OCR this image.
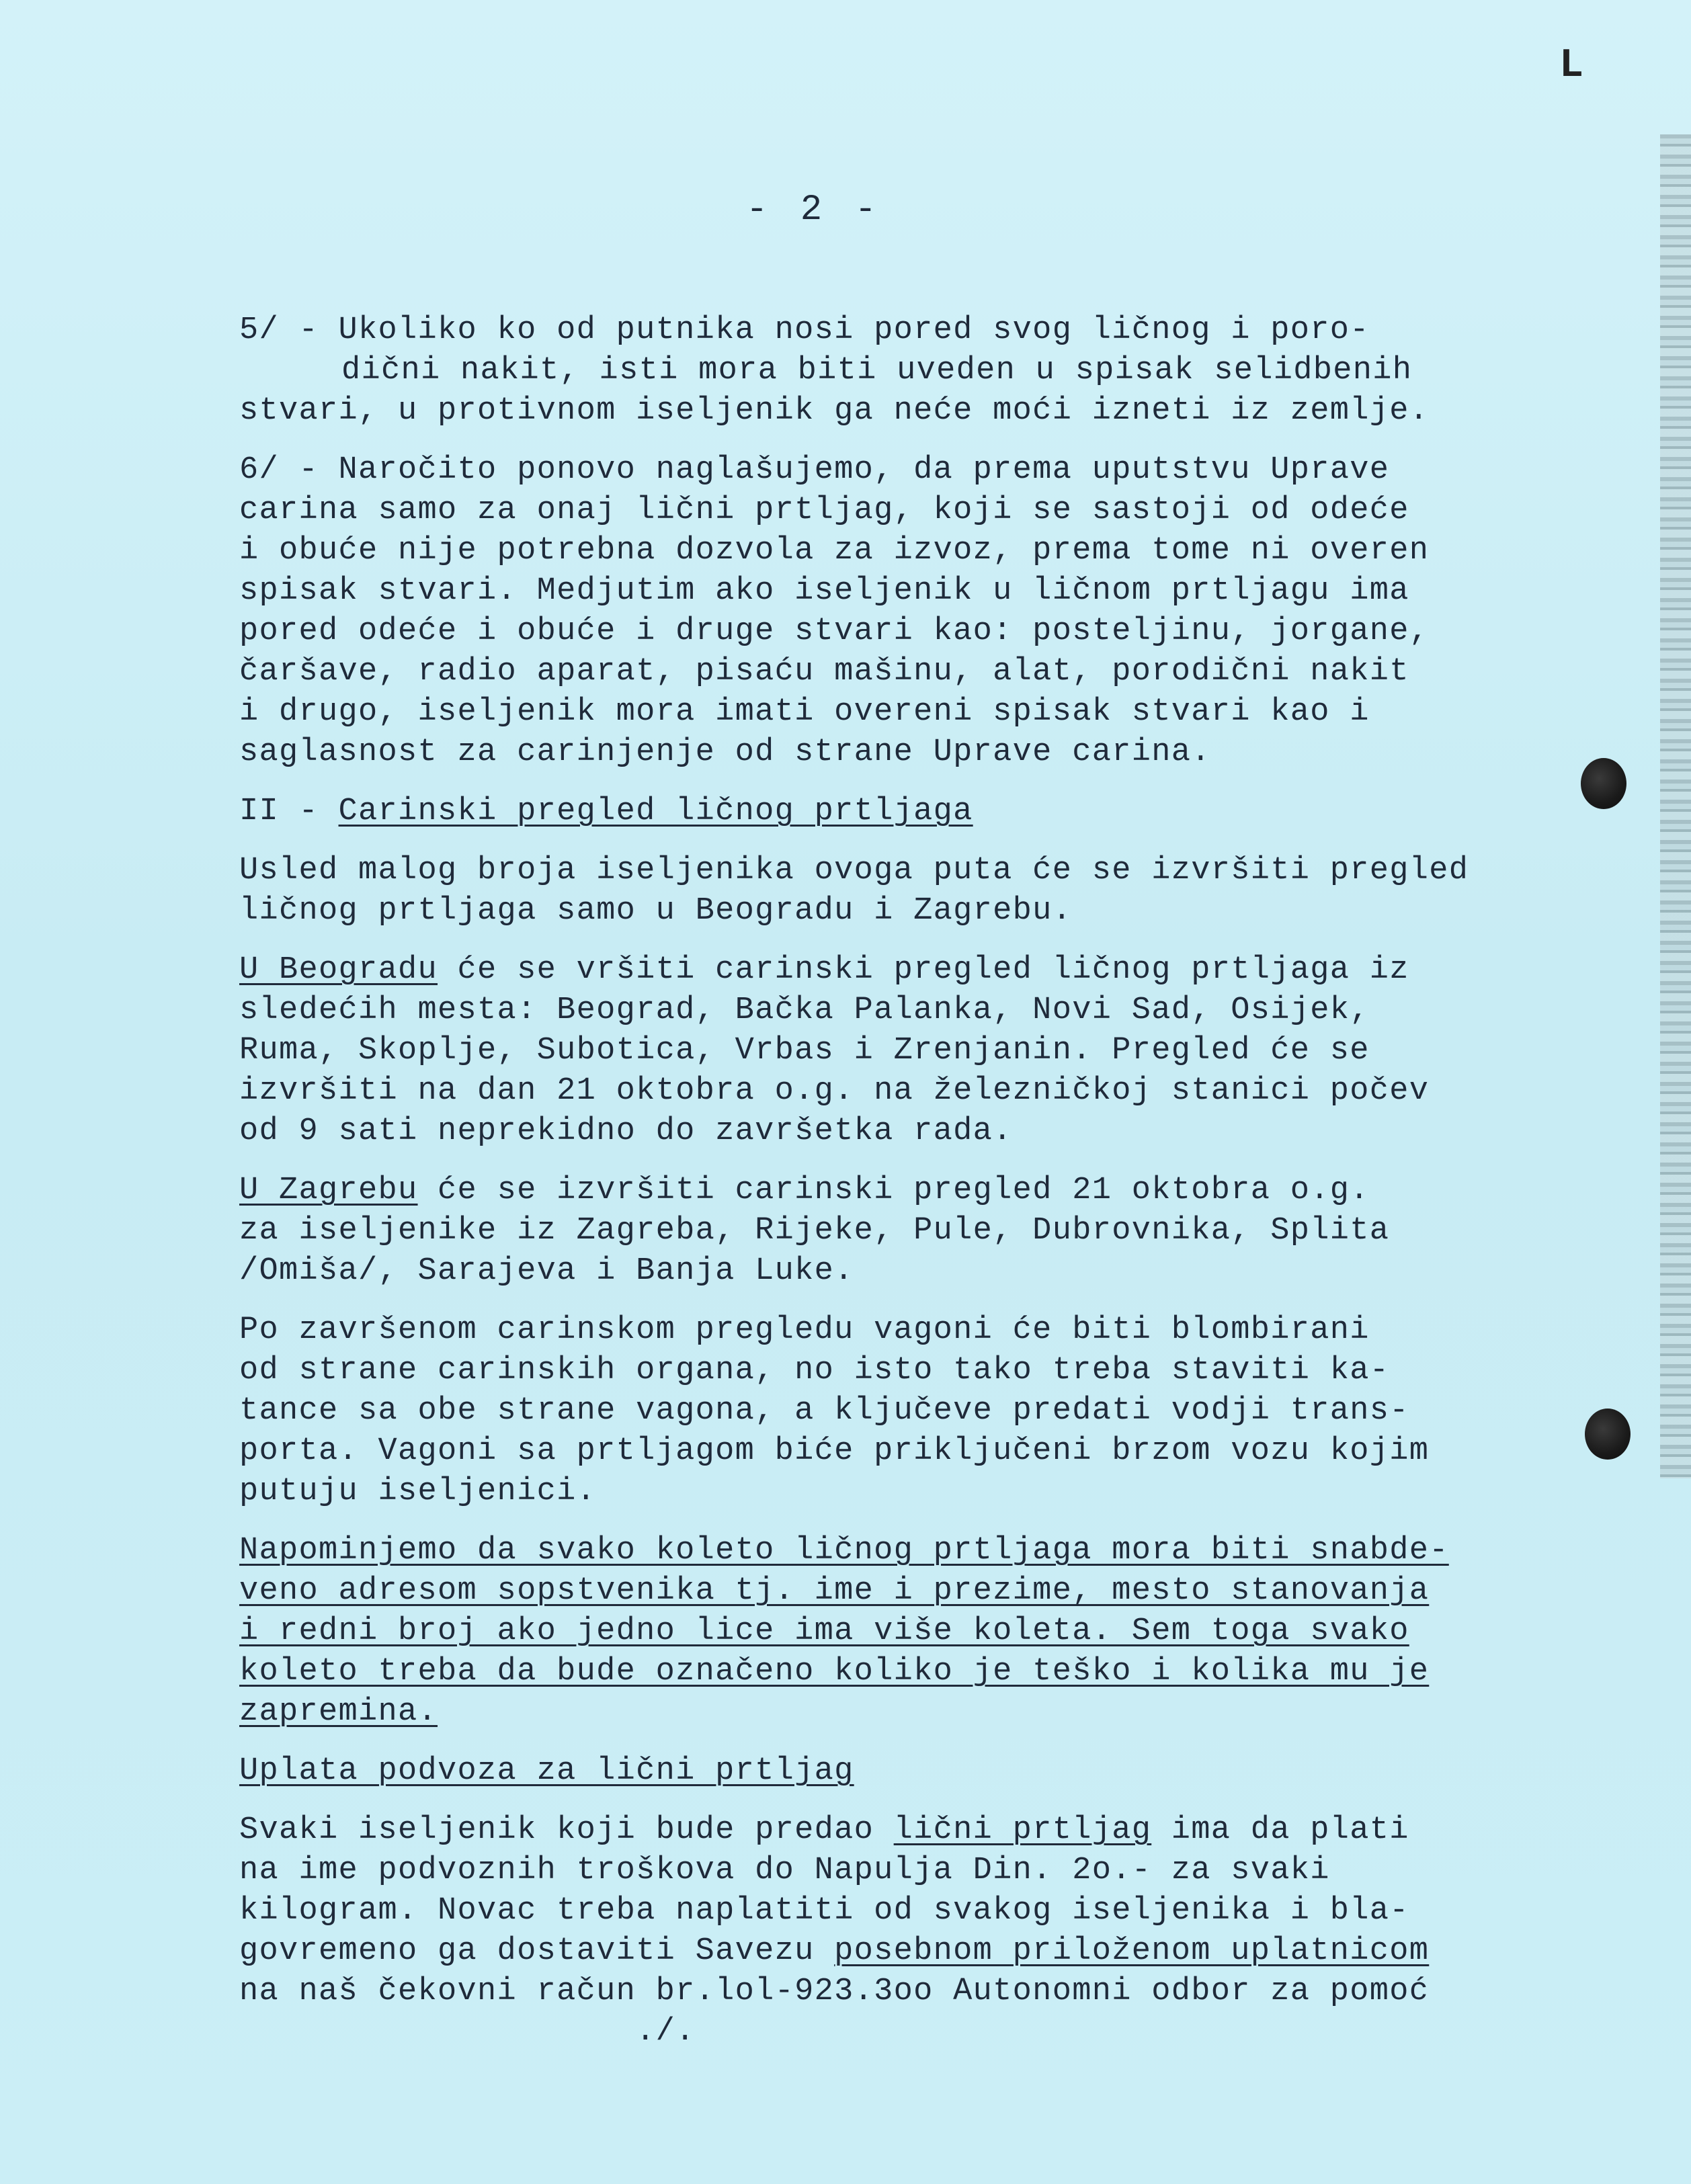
L
- 2 -

5/ - Ukoliko ko od putnika nosi pored svog ličnog i poro-

dični nakit, isti mora biti uveden u spisak selidbenih

stvari, u protivnom iseljenik ga neće moći izneti iz zemlje.

6/ - Naročito ponovo naglašujemo, da prema uputstvu Uprave

carina samo za onaj lični prtljag, koji se sastoji od odeće

i obuće nije potrebna dozvola za izvoz, prema tome ni overen

spisak stvari. Medjutim ako iseljenik u ličnom prtljagu ima

pored odeće i obuće i druge stvari kao: posteljinu, jorgane,

čaršave, radio aparat, pisaću mašinu, alat, porodični nakit

i drugo, iseljenik mora imati overeni spisak stvari kao i

saglasnost za carinjenje od strane Uprave carina.

II - Carinski pregled ličnog prtljaga

Usled malog broja iseljenika ovoga puta će se izvršiti pregled

ličnog prtljaga samo u Beogradu i Zagrebu.

U Beogradu će se vršiti carinski pregled ličnog prtljaga iz

sledećih mesta: Beograd, Bačka Palanka, Novi Sad, Osijek,

Ruma, Skoplje, Subotica, Vrbas i Zrenjanin. Pregled će se

izvršiti na dan 21 oktobra o.g. na železničkoj stanici počev

od 9 sati neprekidno do završetka rada.

U Zagrebu će se izvršiti carinski pregled 21 oktobra o.g.

za iseljenike iz Zagreba, Rijeke, Pule, Dubrovnika, Splita

/Omiša/, Sarajeva i Banja Luke.

Po završenom carinskom pregledu vagoni će biti blombirani

od strane carinskih organa, no isto tako treba staviti ka-

tance sa obe strane vagona, a ključeve predati vodji trans-

porta. Vagoni sa prtljagom biće priključeni brzom vozu kojim

putuju iseljenici.

Napominjemo da svako koleto ličnog prtljaga mora biti snabde-

veno adresom sopstvenika tj. ime i prezime, mesto stanovanja

i redni broj ako jedno lice ima više koleta. Sem toga svako

koleto treba da bude označeno koliko je teško i kolika mu je

zapremina.

Uplata podvoza za lični prtljag

Svaki iseljenik koji bude predao lični prtljag ima da plati

na ime podvoznih troškova do Napulja Din. 2o.- za svaki

kilogram. Novac treba naplatiti od svakog iseljenika i bla-

govremeno ga dostaviti Savezu posebnom priloženom uplatnicom

na naš čekovni račun br.lol-923.3oo Autonomni odbor za pomoć

./.
